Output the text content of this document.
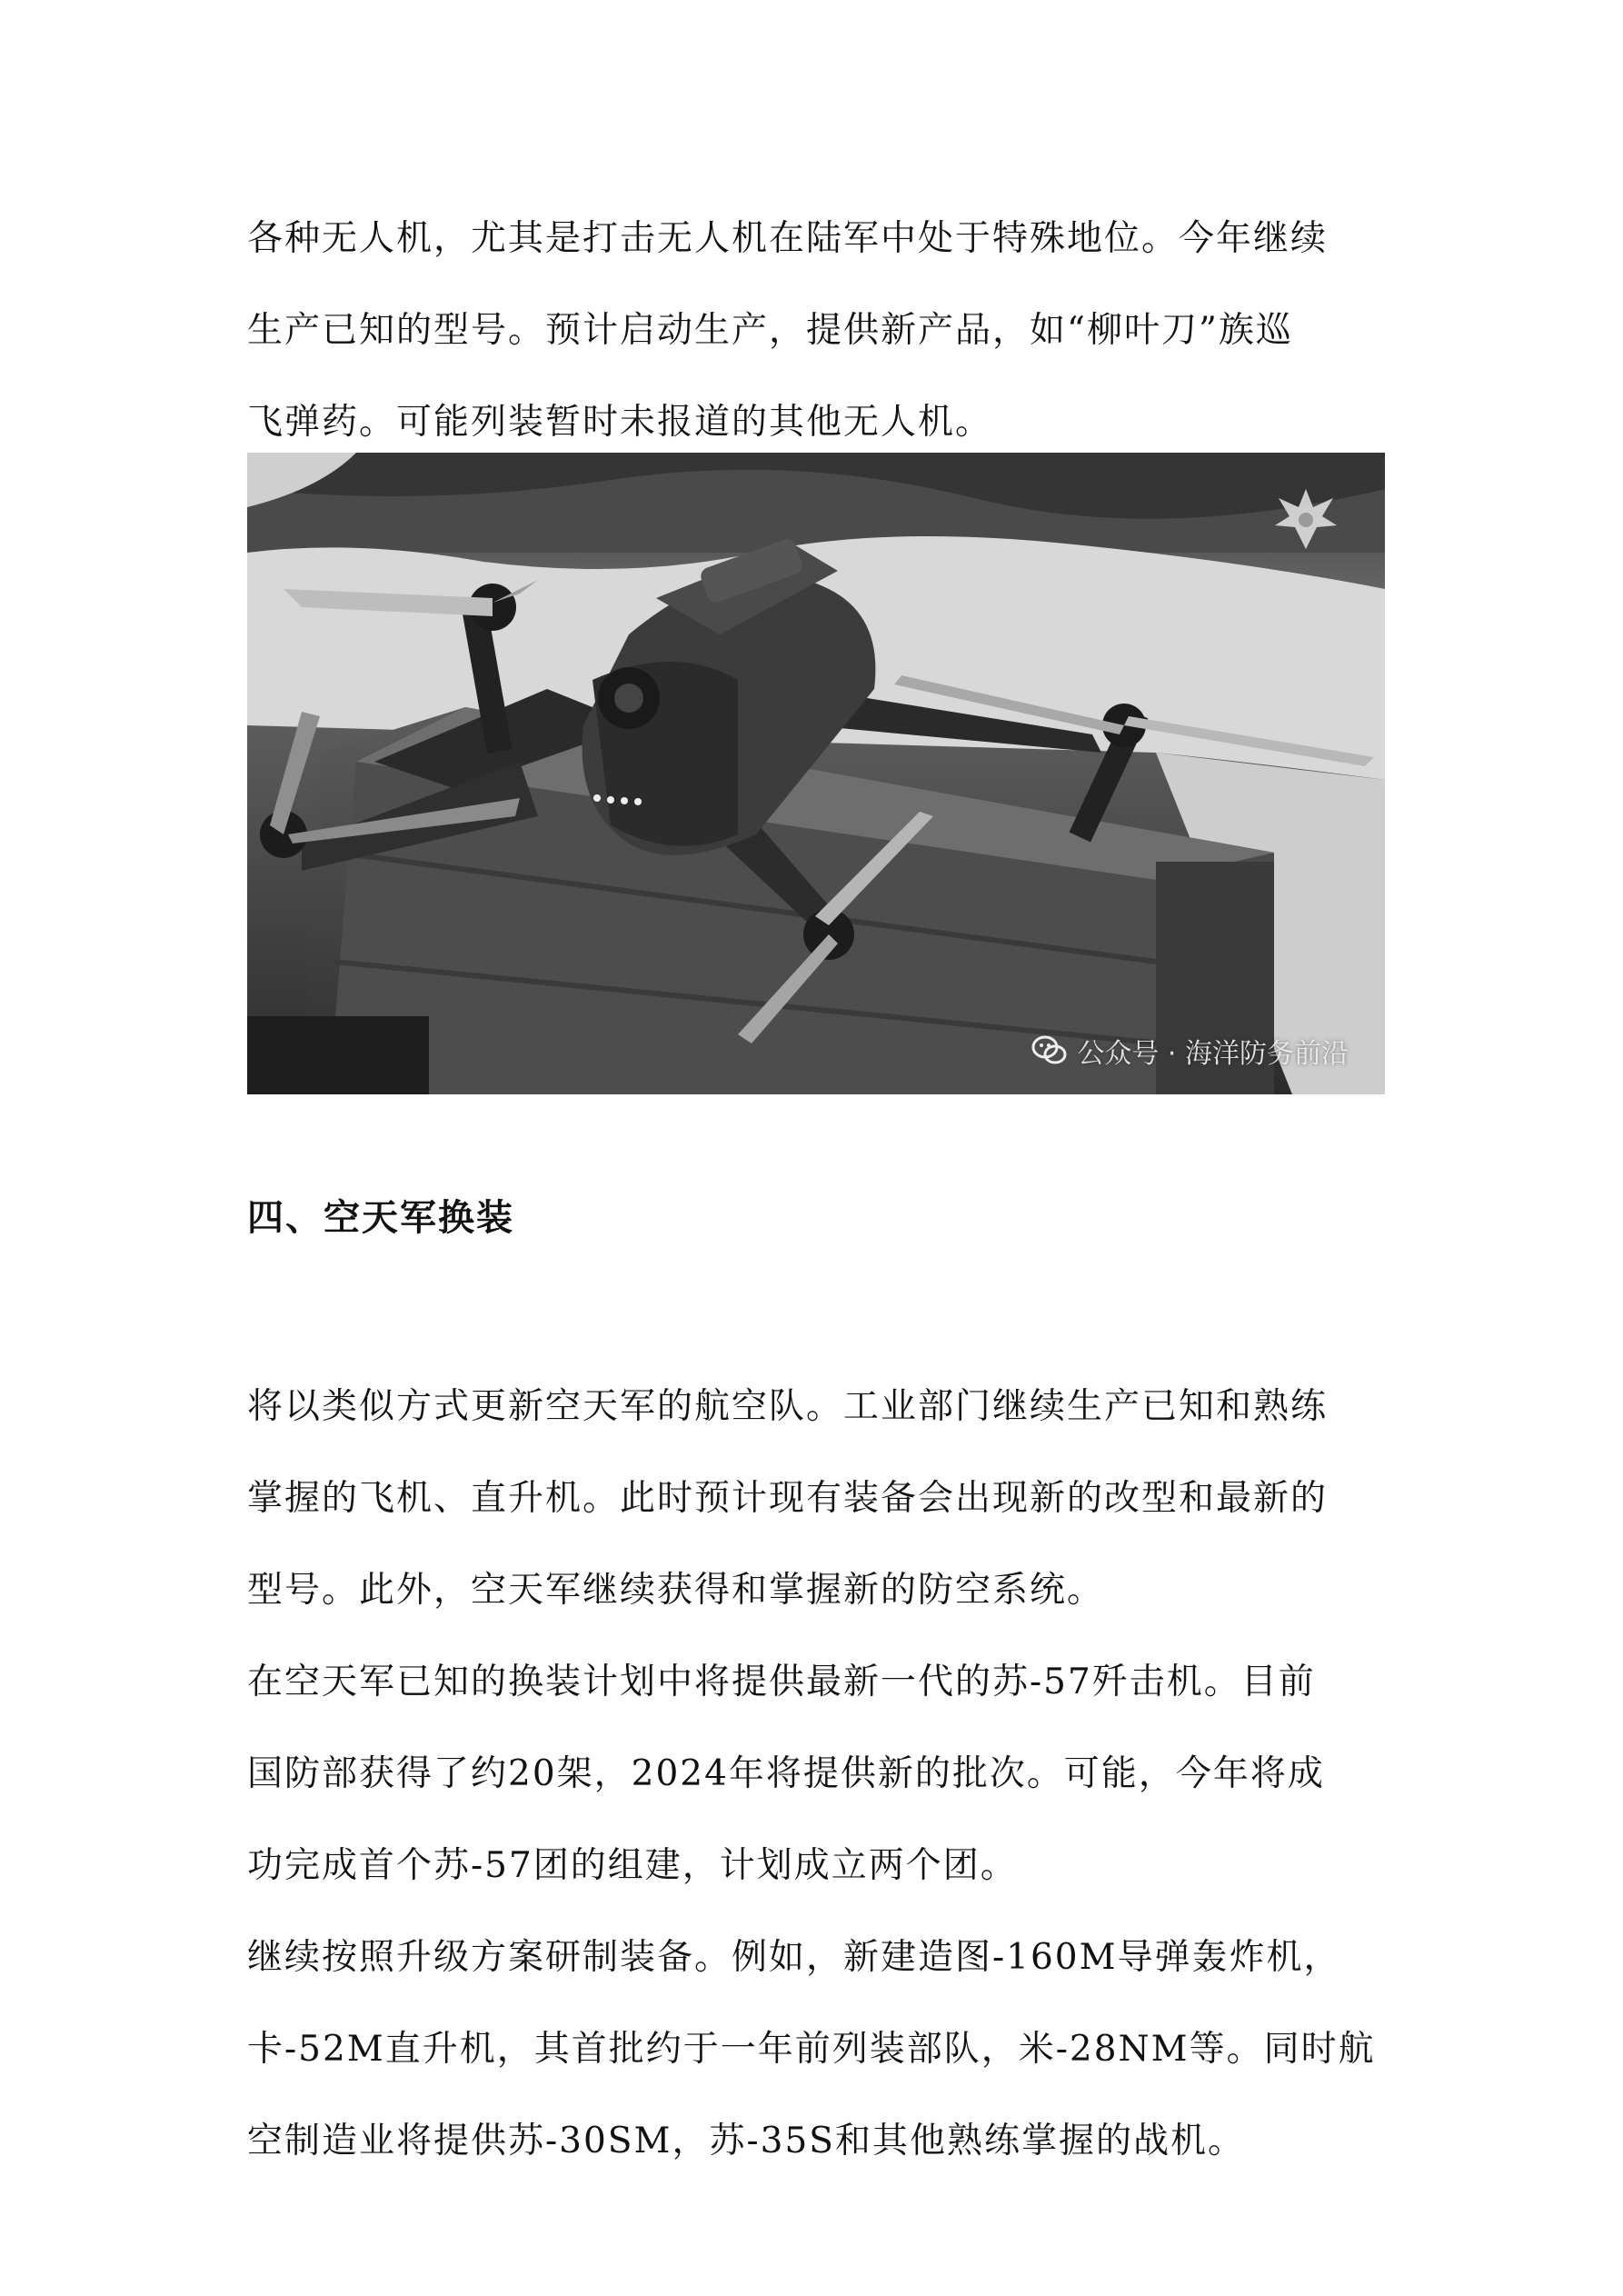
各种无人机，尤其是打击无人机在陆军中处于特殊地位。今年继续
生产已知的型号。预计启动生产，提供新产品，如“柳叶刀”族巡
飞弹药。可能列装暂时未报道的其他无人机。
公众号 · 海洋防务前沿
四、空天军换装
将以类似方式更新空天军的航空队。工业部门继续生产已知和熟练
掌握的飞机、直升机。此时预计现有装备会出现新的改型和最新的
型号。此外，空天军继续获得和掌握新的防空系统。
在空天军已知的换装计划中将提供最新一代的苏-57歼击机。目前
国防部获得了约20架，2024年将提供新的批次。可能，今年将成
功完成首个苏-57团的组建，计划成立两个团。
继续按照升级方案研制装备。例如，新建造图-160M导弹轰炸机，
卡-52M直升机，其首批约于一年前列装部队，米-28NM等。同时航
空制造业将提供苏-30SM，苏-35S和其他熟练掌握的战机。
